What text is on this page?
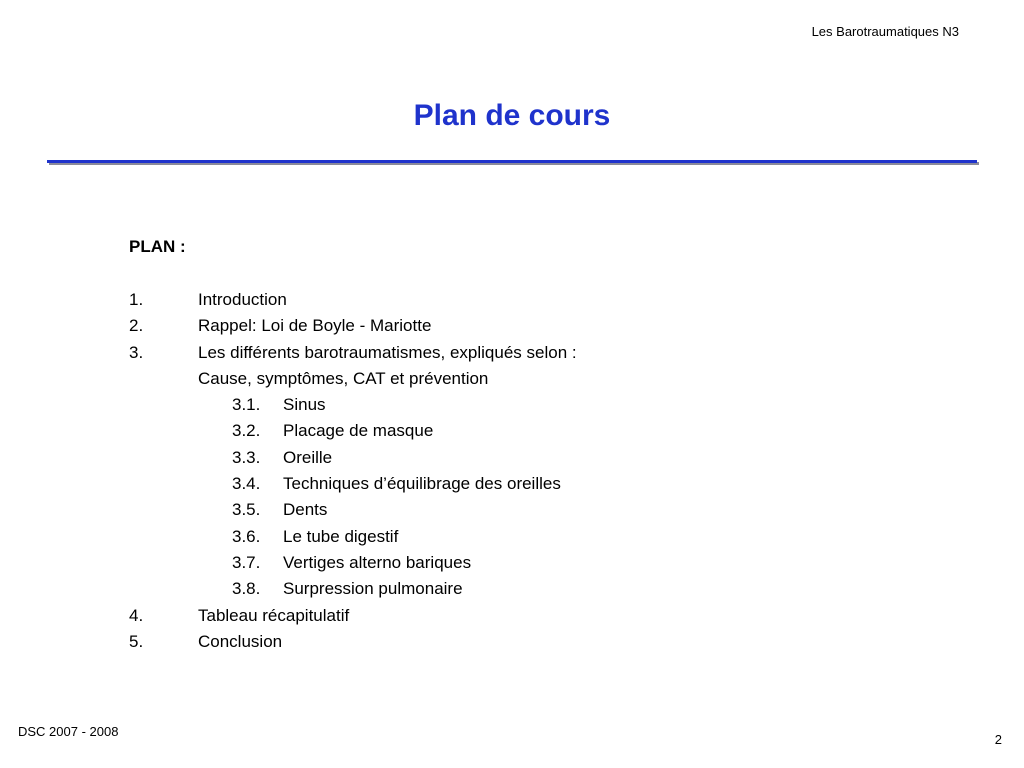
Les Barotraumatiques N3
Plan de cours
PLAN :
1.	Introduction
2.	Rappel: Loi de Boyle - Mariotte
3.	Les différents barotraumatismes, expliqués selon :
Cause, symptômes, CAT et prévention
3.1.	Sinus
3.2.	Placage de masque
3.3.	Oreille
3.4.	Techniques d’équilibrage des oreilles
3.5.	Dents
3.6.	Le tube digestif
3.7.	Vertiges alterno bariques
3.8.	Surpression pulmonaire
4.	Tableau récapitulatif
5.	Conclusion
DSC 2007 - 2008
2
